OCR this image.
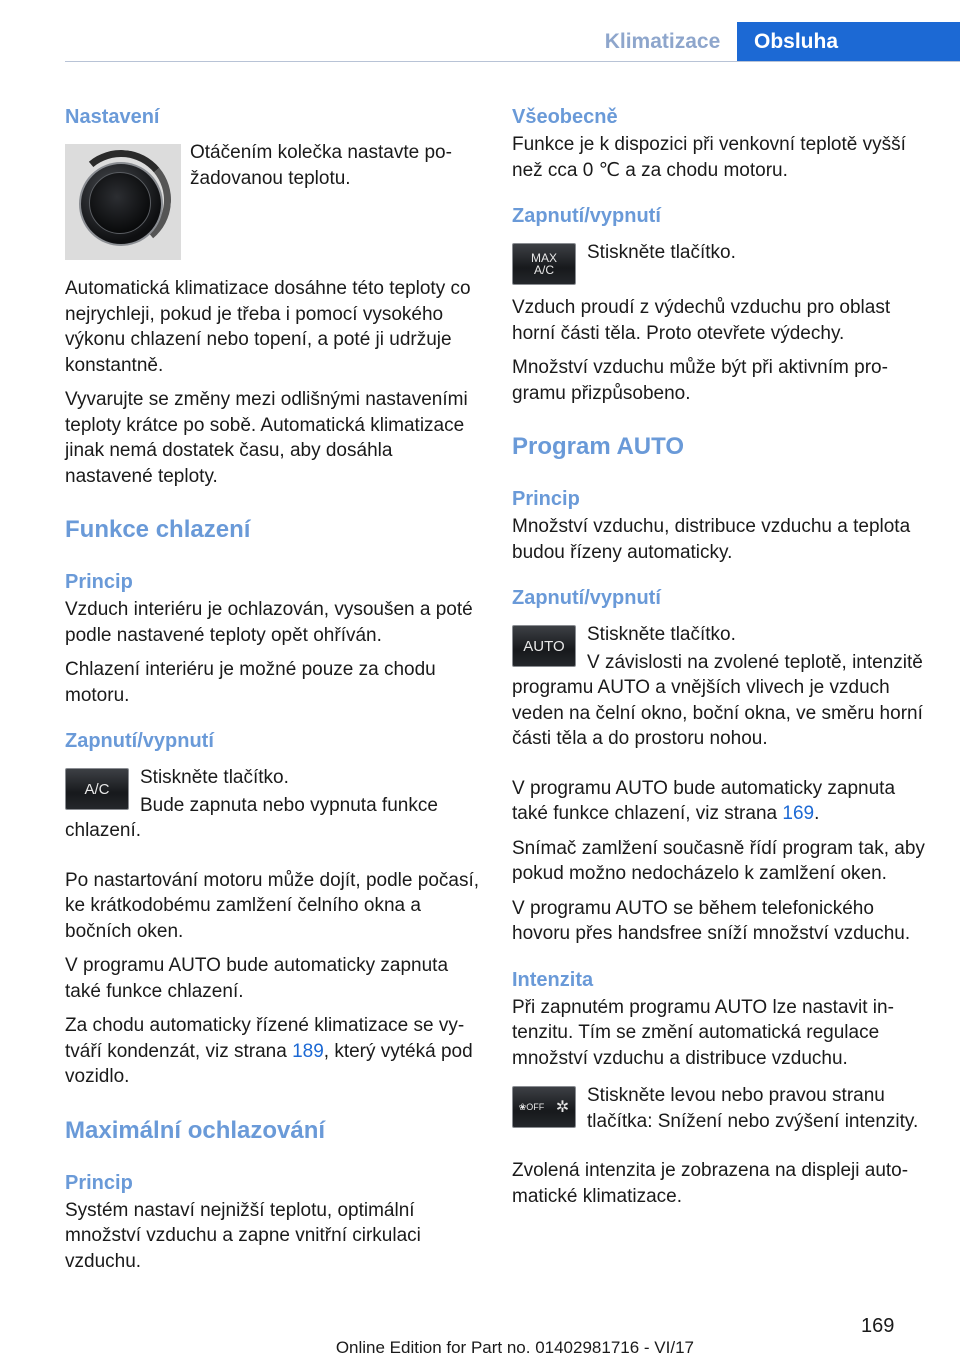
Klimatizace	Obsluha
Nastavení

Otáčením kolečka nastavte požadovanou teplotu.

Automatická klimatizace dosáhne této teploty co nejrychleji, pokud je třeba i pomocí vysokého výkonu chlazení nebo topení, a poté ji udržuje konstantně.

Vyvarujte se změny mezi odlišnými nastaveními teploty krátce po sobě. Automatická klimatizace jinak nemá dostatek času, aby dosáhla nastavené teploty.

Funkce chlazení
Princip

Vzduch interiéru je ochlazován, vysoušen a poté podle nastavené teploty opět ohříván.

Chlazení interiéru je možné pouze za chodu motoru.

Zapnutí/vypnutí
A/C

Stiskněte tlačítko.

Bude zapnuta nebo vypnuta funkce chlazení.

Po nastartování motoru může dojít, podle počasí, ke krátkodobému zamlžení čelního okna a bočních oken.

V programu AUTO bude automaticky zapnuta také funkce chlazení.

Za chodu automaticky řízené klimatizace se vytváří kondenzát, viz strana 189, který vytéká pod vozidlo.

Maximální ochlazování
Princip

Systém nastaví nejnižší teplotu, optimální množství vzduchu a zapne vnitřní cirkulaci vzduchu.

Všeobecně

Funkce je k dispozici při venkovní teplotě vyšší než cca 0 ℃ a za chodu motoru.

Zapnutí/vypnutí
MAX
A/C

Stiskněte tlačítko.

Vzduch proudí z výdechů vzduchu pro oblast horní části těla. Proto otevřete výdechy.

Množství vzduchu může být při aktivním programu přizpůsobeno.

Program AUTO
Princip

Množství vzduchu, distribuce vzduchu a teplota budou řízeny automaticky.

Zapnutí/vypnutí
AUTO

Stiskněte tlačítko.

V závislosti na zvolené teplotě, intenzitě programu AUTO a vnějších vlivech je vzduch veden na čelní okno, boční okna, ve směru horní části těla a do prostoru nohou.

V programu AUTO bude automaticky zapnuta také funkce chlazení, viz strana 169.

Snímač zamlžení současně řídí program tak, aby pokud možno nedocházelo k zamlžení oken.

V programu AUTO se během telefonického hovoru přes handsfree sníží množství vzduchu.

Intenzita

Při zapnutém programu AUTO lze nastavit intenzitu. Tím se změní automatická regulace množství vzduchu a distribuce vzduchu.

❀OFF ✲

Stiskněte levou nebo pravou stranu tlačítka: Snížení nebo zvýšení intenzity.

Zvolená intenzita je zobrazena na displeji automatické klimatizace.

169
Online Edition for Part no. 01402981716 - VI/17
